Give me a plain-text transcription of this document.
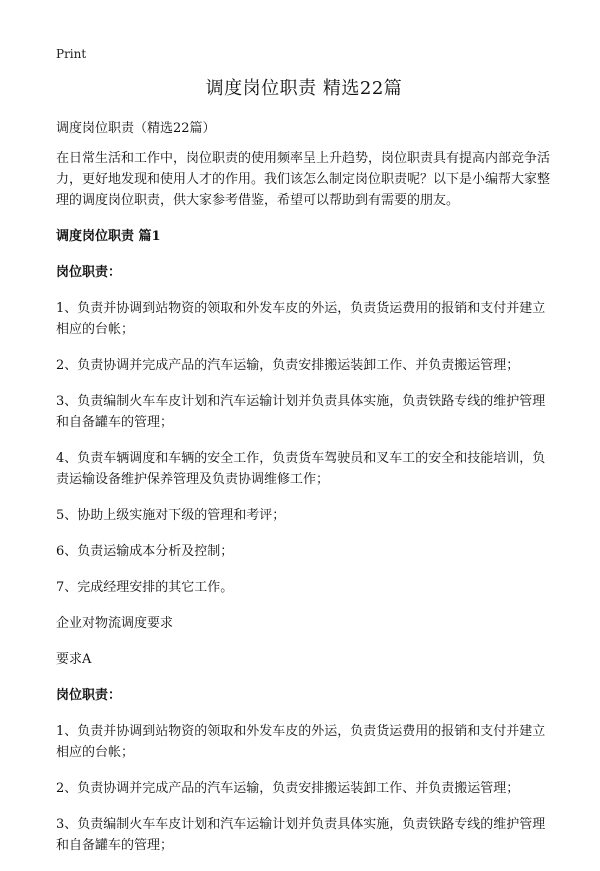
Print
调度岗位职责 精选22篇

调度岗位职责（精选22篇）

在日常生活和工作中，岗位职责的使用频率呈上升趋势，岗位职责具有提高内部竞争活力，更好地发现和使用人才的作用。我们该怎么制定岗位职责呢？以下是小编帮大家整理的调度岗位职责，供大家参考借鉴，希望可以帮助到有需要的朋友。

调度岗位职责 篇1
岗位职责：

1、负责并协调到站物资的领取和外发车皮的外运，负责货运费用的报销和支付并建立相应的台帐；

2、负责协调并完成产品的汽车运输，负责安排搬运装卸工作、并负责搬运管理；

3、负责编制火车车皮计划和汽车运输计划并负责具体实施，负责铁路专线的维护管理和自备罐车的管理；

4、负责车辆调度和车辆的安全工作，负责货车驾驶员和叉车工的安全和技能培训，负责运输设备维护保养管理及负责协调维修工作；

5、协助上级实施对下级的管理和考评；

6、负责运输成本分析及控制；

7、完成经理安排的其它工作。

企业对物流调度要求

要求A

岗位职责：

1、负责并协调到站物资的领取和外发车皮的外运，负责货运费用的报销和支付并建立相应的台帐；

2、负责协调并完成产品的汽车运输，负责安排搬运装卸工作、并负责搬运管理；

3、负责编制火车车皮计划和汽车运输计划并负责具体实施，负责铁路专线的维护管理和自备罐车的管理；
